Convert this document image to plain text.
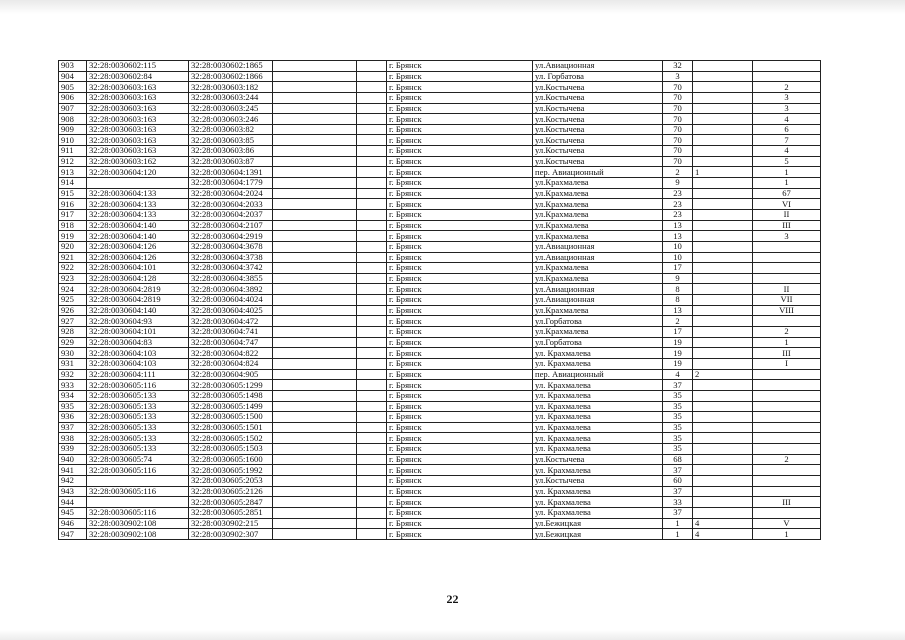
903	32:28:0030602:115	32:28:0030602:1865			г. Брянск	ул.Авиационная	32		
904	32:28:0030602:84	32:28:0030602:1866			г. Брянск	ул. Горбатова	3		
905	32:28:0030603:163	32:28:0030603:182			г. Брянск	ул.Костычева	70		2
906	32:28:0030603:163	32:28:0030603:244			г. Брянск	ул.Костычева	70		3
907	32:28:0030603:163	32:28:0030603:245			г. Брянск	ул.Костычева	70		3
908	32:28:0030603:163	32:28:0030603:246			г. Брянск	ул.Костычева	70		4
909	32:28:0030603:163	32:28:0030603:82			г. Брянск	ул.Костычева	70		6
910	32:28:0030603:163	32:28:0030603:85			г. Брянск	ул.Костычева	70		7
911	32:28:0030603:163	32:28:0030603:86			г. Брянск	ул.Костычева	70		4
912	32:28:0030603:162	32:28:0030603:87			г. Брянск	ул.Костычева	70		5
913	32:28:0030604:120	32:28:0030604:1391			г. Брянск	пер. Авиационный	2	1	1
914		32:28:0030604:1779			г. Брянск	ул.Крахмалева	9		1
915	32:28:0030604:133	32:28:0030604:2024			г. Брянск	ул.Крахмалева	23		67
916	32:28:0030604:133	32:28:0030604:2033			г. Брянск	ул.Крахмалева	23		VI
917	32:28:0030604:133	32:28:0030604:2037			г. Брянск	ул.Крахмалева	23		II
918	32:28:0030604:140	32:28:0030604:2107			г. Брянск	ул.Крахмалева	13		III
919	32:28:0030604:140	32:28:0030604:2919			г. Брянск	ул.Крахмалева	13		3
920	32:28:0030604:126	32:28:0030604:3678			г. Брянск	ул.Авиационная	10		
921	32:28:0030604:126	32:28:0030604:3738			г. Брянск	ул.Авиационная	10		
922	32:28:0030604:101	32:28:0030604:3742			г. Брянск	ул.Крахмалева	17		
923	32:28:0030604:128	32:28:0030604:3855			г. Брянск	ул.Крахмалева	9		
924	32:28:0030604:2819	32:28:0030604:3892			г. Брянск	ул.Авиационная	8		II
925	32:28:0030604:2819	32:28:0030604:4024			г. Брянск	ул.Авиационная	8		VII
926	32:28:0030604:140	32:28:0030604:4025			г. Брянск	ул.Крахмалева	13		VIII
927	32:28:0030604:93	32:28:0030604:472			г. Брянск	ул.Горбатова	2		
928	32:28:0030604:101	32:28:0030604:741			г. Брянск	ул.Крахмалева	17		2
929	32:28:0030604:83	32:28:0030604:747			г. Брянск	ул.Горбатова	19		1
930	32:28:0030604:103	32:28:0030604:822			г. Брянск	ул. Крахмалева	19		III
931	32:28:0030604:103	32:28:0030604:824			г. Брянск	ул. Крахмалева	19		I
932	32:28:0030604:111	32:28:0030604:905			г. Брянск	пер. Авиационный	4	2	
933	32:28:0030605:116	32:28:0030605:1299			г. Брянск	ул. Крахмалева	37		
934	32:28:0030605:133	32:28:0030605:1498			г. Брянск	ул. Крахмалева	35		
935	32:28:0030605:133	32:28:0030605:1499			г. Брянск	ул. Крахмалева	35		
936	32:28:0030605:133	32:28:0030605:1500			г. Брянск	ул. Крахмалева	35		
937	32:28:0030605:133	32:28:0030605:1501			г. Брянск	ул. Крахмалева	35		
938	32:28:0030605:133	32:28:0030605:1502			г. Брянск	ул. Крахмалева	35		
939	32:28:0030605:133	32:28:0030605:1503			г. Брянск	ул. Крахмалева	35		
940	32:28:0030605:74	32:28:0030605:1600			г. Брянск	ул.Костычева	68		2
941	32:28:0030605:116	32:28:0030605:1992			г. Брянск	ул. Крахмалева	37		
942		32:28:0030605:2053			г. Брянск	ул.Костычева	60		
943	32:28:0030605:116	32:28:0030605:2126			г. Брянск	ул. Крахмалева	37		
944		32:28:0030605:2847			г. Брянск	ул. Крахмалева	33		III
945	32:28:0030605:116	32:28:0030605:2851			г. Брянск	ул. Крахмалева	37		
946	32:28:0030902:108	32:28:0030902:215			г. Брянск	ул.Бежицкая	1	4	V
947	32:28:0030902:108	32:28:0030902:307			г. Брянск	ул.Бежицкая	1	4	1
22
